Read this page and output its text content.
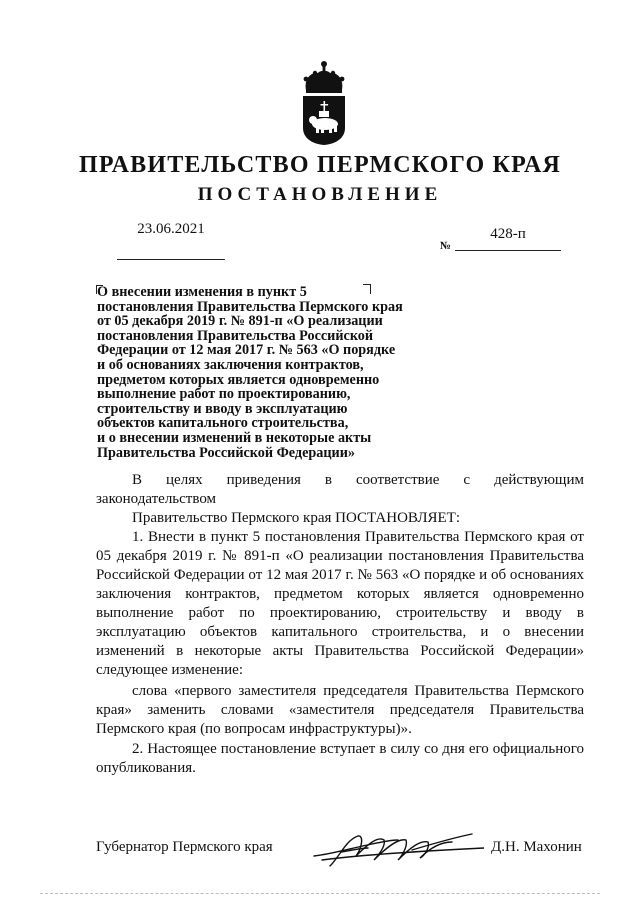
ПРАВИТЕЛЬСТВО ПЕРМСКОГО КРАЯ
ПОСТАНОВЛЕНИЕ
23.06.2021	428-п
№

О внесении изменения в пункт 5
постановления Правительства Пермского края
от 05 декабря 2019 г. № 891-п «О реализации
постановления Правительства Российской
Федерации от 12 мая 2017 г. № 563 «О порядке
и об основаниях заключения контрактов,
предметом которых является одновременно
выполнение работ по проектированию,
строительству и вводу в эксплуатацию
объектов капитального строительства,
и о внесении изменений в некоторые акты
Правительства Российской Федерации»

В целях приведения в соответствие с действующим законодательством

Правительство Пермского края ПОСТАНОВЛЯЕТ:

1. Внести в пункт 5 постановления Правительства Пермского края от 05 декабря 2019 г. № 891-п «О реализации постановления Правительства Российской Федерации от 12 мая 2017 г. № 563 «О порядке и об основаниях заключения контрактов, предметом которых является одновременно выполнение работ по проектированию, строительству и вводу в эксплуатацию объектов капитального строительства, и о внесении изменений в некоторые акты Правительства Российской Федерации» следующее изменение:

слова «первого заместителя председателя Правительства Пермского края» заменить словами «заместителя председателя Правительства Пермского края (по вопросам инфраструктуры)».

2. Настоящее постановление вступает в силу со дня его официального опубликования.

Губернатор Пермского края	Д.Н. Махонин
